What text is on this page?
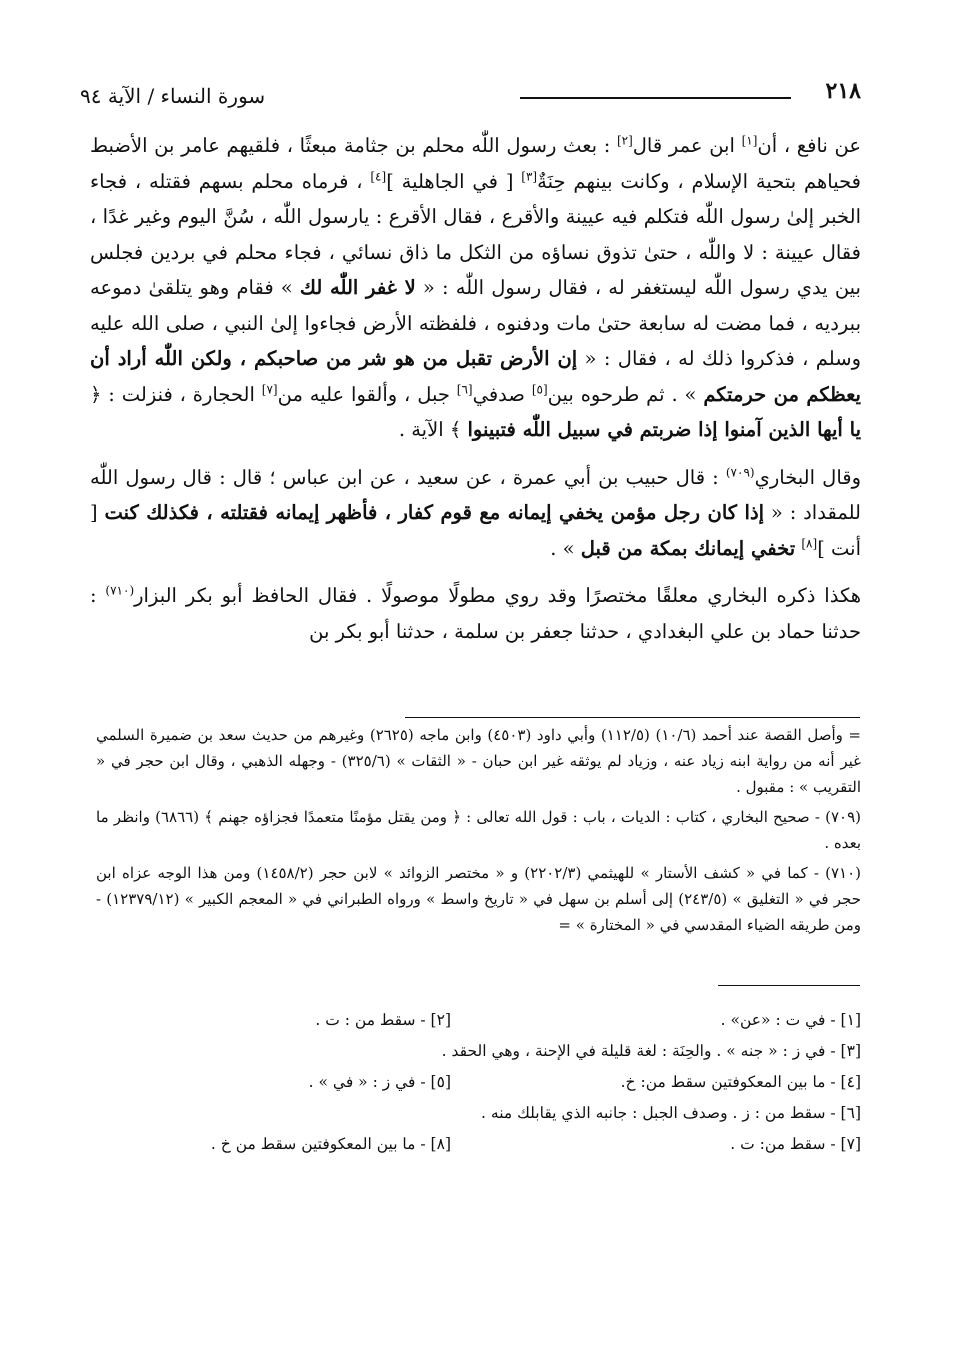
٢١٨
سورة النساء / الآية ٩٤

عن نافع ، أن[١] ابن عمر قال[٢] : بعث رسول اللّٰه محلم بن جثامة مبعثًا ، فلقيهم عامر بن الأضبط فحياهم بتحية الإسلام ، وكانت بينهم حِنَةٌ[٣] [ في الجاهلية ][٤] ، فرماه محلم بسهم فقتله ، فجاء الخبر إلىٰ رسول اللّٰه فتكلم فيه عيينة والأقرع ، فقال الأقرع : يارسول اللّٰه ، سُنَّ اليوم وغير غدًا ، فقال عيينة : لا واللّٰه ، حتىٰ تذوق نساؤه من الثكل ما ذاق نسائي ، فجاء محلم في بردين فجلس بين يدي رسول اللّٰه ليستغفر له ، فقال رسول اللّٰه : « لا غفر اللّٰه لك » فقام وهو يتلقىٰ دموعه ببرديه ، فما مضت له سابعة حتىٰ مات ودفنوه ، فلفظته الأرض فجاءوا إلىٰ النبي ، صلى الله عليه وسلم ، فذكروا ذلك له ، فقال : « إن الأرض تقبل من هو شر من صاحبكم ، ولكن اللّٰه أراد أن يعظكم من حرمتكم » . ثم طرحوه بين[٥] صدفي[٦] جبل ، وألقوا عليه من[٧] الحجارة ، فنزلت : ﴿ يا أيها الذين آمنوا إذا ضربتم في سبيل اللّٰه فتبينوا ﴾ الآية .

وقال البخاري$^{(٧٠٩)}$ : قال حبيب بن أبي عمرة ، عن سعيد ، عن ابن عباس ؛ قال : قال رسول اللّٰه للمقداد : « إذا كان رجل مؤمن يخفي إيمانه مع قوم كفار ، فأظهر إيمانه فقتلته ، فكذلك كنت [ أنت ][٨] تخفي إيمانك بمكة من قبل » .

هكذا ذكره البخاري معلقًا مختصرًا وقد روي مطولًا موصولًا . فقال الحافظ أبو بكر البزار$^{(٧١٠)}$ : حدثنا حماد بن علي البغدادي ، حدثنا جعفر بن سلمة ، حدثنا أبو بكر بن

= وأصل القصة عند أحمد (١٠/٦) (١١٢/٥) وأبي داود (٤٥٠٣) وابن ماجه (٢٦٢٥) وغيرهم من حديث سعد بن ضميرة السلمي غير أنه من رواية ابنه زياد عنه ، وزياد لم يوثقه غير ابن حبان - « الثقات » (٣٢٥/٦) - وجهله الذهبي ، وقال ابن حجر في « التقريب » : مقبول .

(٧٠٩) - صحيح البخاري ، كتاب : الديات ، باب : قول الله تعالى : ﴿ ومن يقتل مؤمنًا متعمدًا فجزاؤه جهنم ﴾ (٦٨٦٦) وانظر ما بعده .

(٧١٠) - كما في « كشف الأستار » للهيثمي (٢٢٠٢/٣) و « مختصر الزوائد » لابن حجر (١٤٥٨/٢) ومن هذا الوجه عزاه ابن حجر في « التغليق » (٢٤٣/٥) إلى أسلم بن سهل في « تاريخ واسط » ورواه الطبراني في « المعجم الكبير » (١٢٣٧٩/١٢) - ومن طريقه الضياء المقدسي في « المختارة » =

[١] - في ت : «عن» .
[٢] - سقط من : ت .
[٣] - في ز : « جنه » . والحِنَة : لغة قليلة في الإحنة ، وهي الحقد .
[٤] - ما بين المعكوفتين سقط من: خ.
[٥] - في ز : « في » .
[٦] - سقط من : ز . وصدف الجبل : جانبه الذي يقابلك منه .
[٧] - سقط من: ت .
[٨] - ما بين المعكوفتين سقط من خ .
